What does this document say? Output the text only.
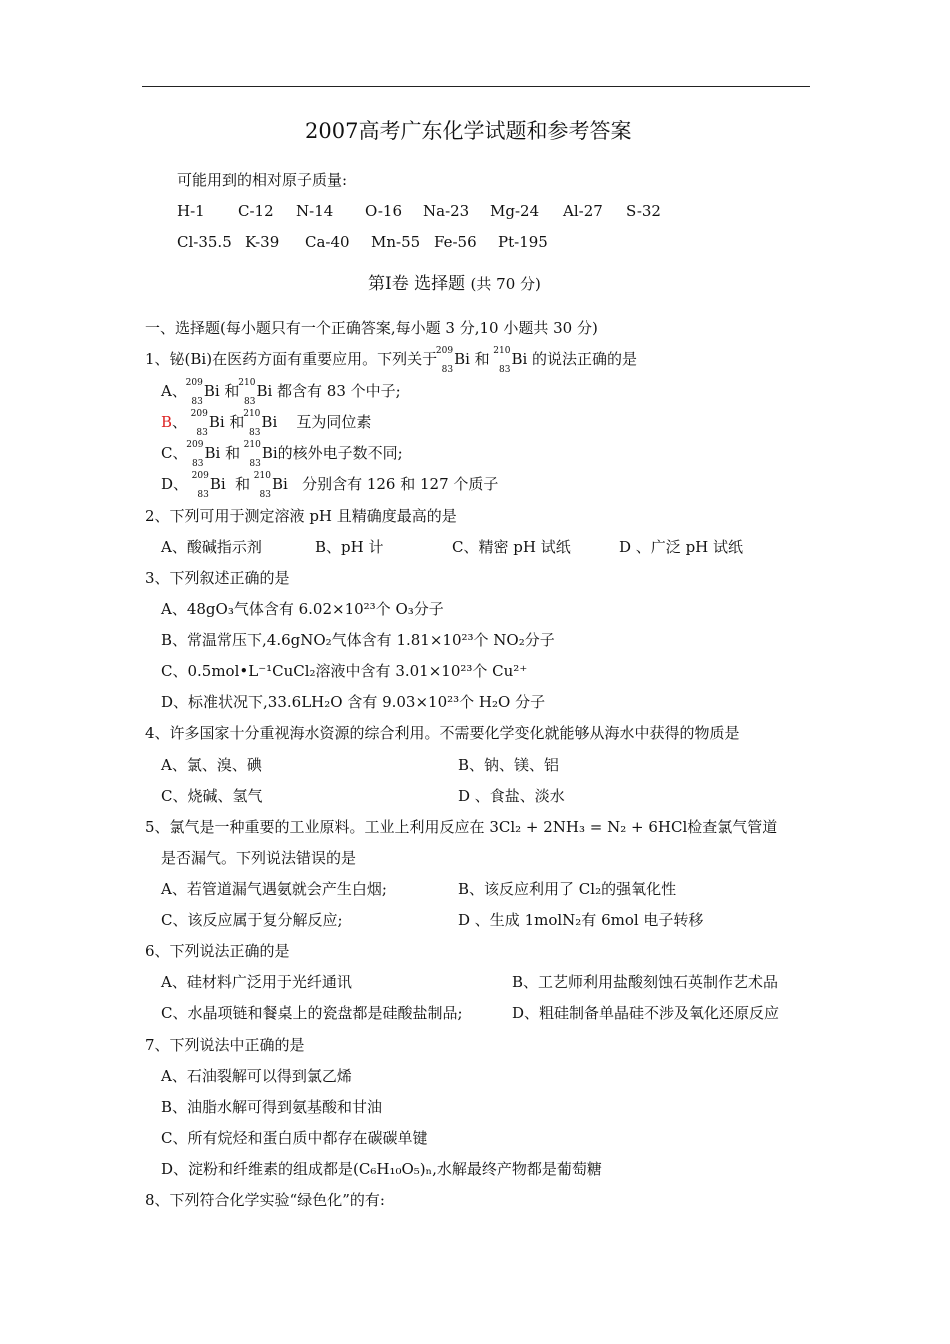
2007高考广东化学试题和参考答案
可能用到的相对原子质量:
H-1 C-12 N-14 O-16 Na-23 Mg-24 Al-27 S-32
Cl-35.5 K-39 Ca-40 Mn-55 Fe-56 Pt-195
第Ⅰ卷 选择题 (共 70 分)
一、选择题(每小题只有一个正确答案,每小题 3 分,10 小题共 30 分)
1、铋(Bi)在医药方面有重要应用。下列关于
209
83
Bi 和 210
83
Bi 的说法正确的是
A、
209
83
Bi 和
210
83
Bi 都含有 83 个中子;
B、 209
83
Bi 和
210
83
Bi    互为同位素
C、
209
83
Bi 和 210
83
Bi的核外电子数不同;
D、 209
83
Bi  和 210
83
Bi   分别含有 126 和 127 个质子
2、下列可用于测定溶液 pH 且精确度最高的是
A、酸碱指示剂	B、pH 计	C、精密 pH 试纸	D 、广泛 pH 试纸
3、下列叙述正确的是
A、48gO₃气体含有 6.02×10²³个 O₃分子
B、常温常压下,4.6gNO₂气体含有 1.81×10²³个 NO₂分子
C、0.5mol•L⁻¹CuCl₂溶液中含有 3.01×10²³个 Cu²⁺
D、标准状况下,33.6LH₂O 含有 9.03×10²³个 H₂O 分子
4、许多国家十分重视海水资源的综合利用。不需要化学变化就能够从海水中获得的物质是
A、氯、溴、碘	B、钠、镁、铝
C、烧碱、氢气	D 、食盐、淡水
5、氯气是一种重要的工业原料。工业上利用反应在 3Cl₂ + 2NH₃ = N₂ + 6HCl检查氯气管道
是否漏气。下列说法错误的是
A、若管道漏气遇氨就会产生白烟;	B、该反应利用了 Cl₂的强氧化性
C、该反应属于复分解反应;	D 、生成 1molN₂有 6mol 电子转移
6、下列说法正确的是
A、硅材料广泛用于光纤通讯	B、工艺师利用盐酸刻蚀石英制作艺术品
C、水晶项链和餐桌上的瓷盘都是硅酸盐制品;	D、粗硅制备单晶硅不涉及氧化还原反应
7、下列说法中正确的是
A、石油裂解可以得到氯乙烯
B、油脂水解可得到氨基酸和甘油
C、所有烷烃和蛋白质中都存在碳碳单键
D、淀粉和纤维素的组成都是(C₆H₁₀O₅)ₙ,水解最终产物都是葡萄糖
8、下列符合化学实验“绿色化”的有:
